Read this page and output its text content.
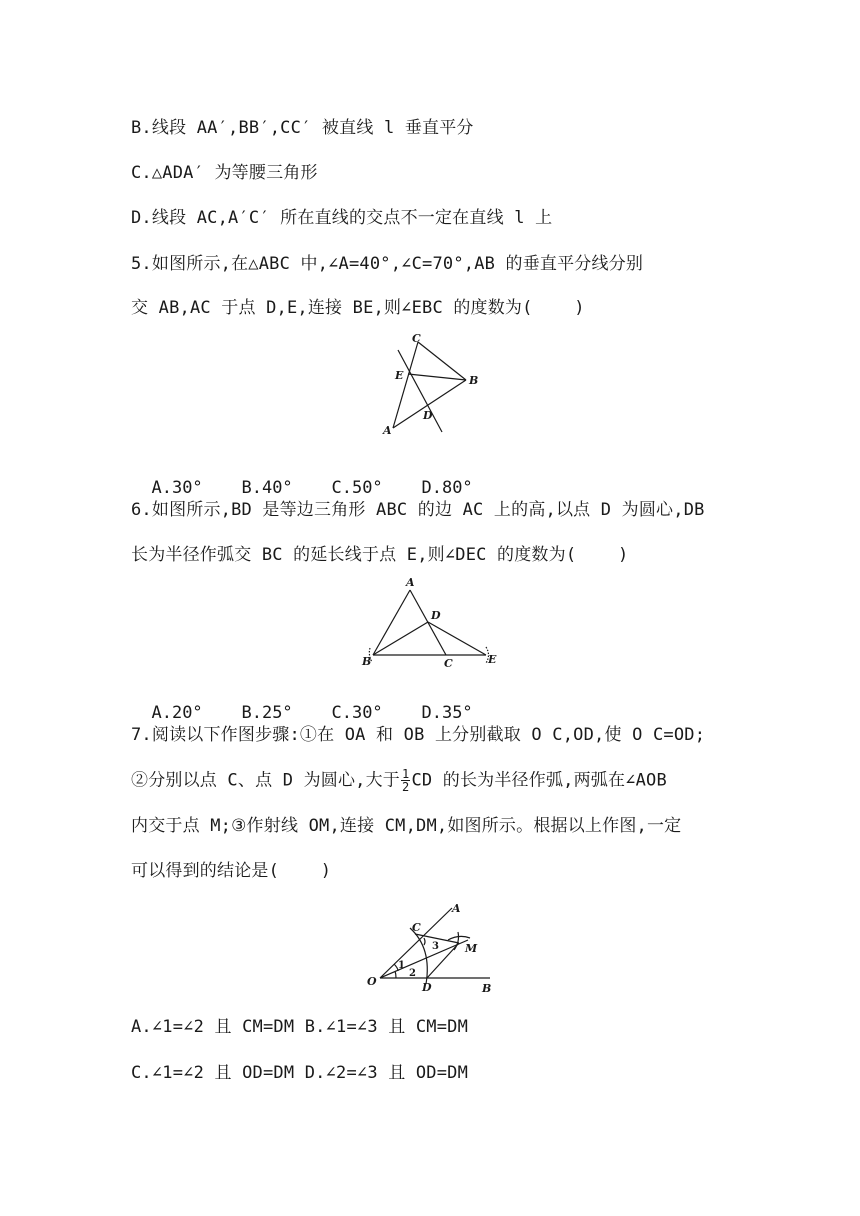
B.线段 AA′,BB′,CC′ 被直线 l 垂直平分
C.△ADA′ 为等腰三角形
D.线段 AC,A′C′ 所在直线的交点不一定在直线 l 上
5.如图所示,在△ABC 中,∠A=40°,∠C=70°,AB 的垂直平分线分别
交 AB,AC 于点 D,E,连接 BE,则∠EBC 的度数为(    )
C
E	B
D
A

A.30° B.40° C.50° D.80°

6.如图所示,BD 是等边三角形 ABC 的边 AC 上的高,以点 D 为圆心,DB
长为半径作弧交 BC 的延长线于点 E,则∠DEC 的度数为(    )
A
D
B	C	E

A.20° B.25° C.30° D.35°

7.阅读以下作图步骤:①在 OA 和 OB 上分别截取 O C,OD,使 O C=OD;
②分别以点 C、点 D 为圆心,大于 $\frac{1}{2}$ CD 的长为半径作弧,两弧在∠AOB
内交于点 M;③作射线 OM,连接 CM,DM,如图所示。根据以上作图,一定
可以得到的结论是(    )
A
C
M
O	D	B
1
2
3
A.∠1=∠2 且 CM=DM B.∠1=∠3 且 CM=DM
C.∠1=∠2 且 OD=DM D.∠2=∠3 且 OD=DM
